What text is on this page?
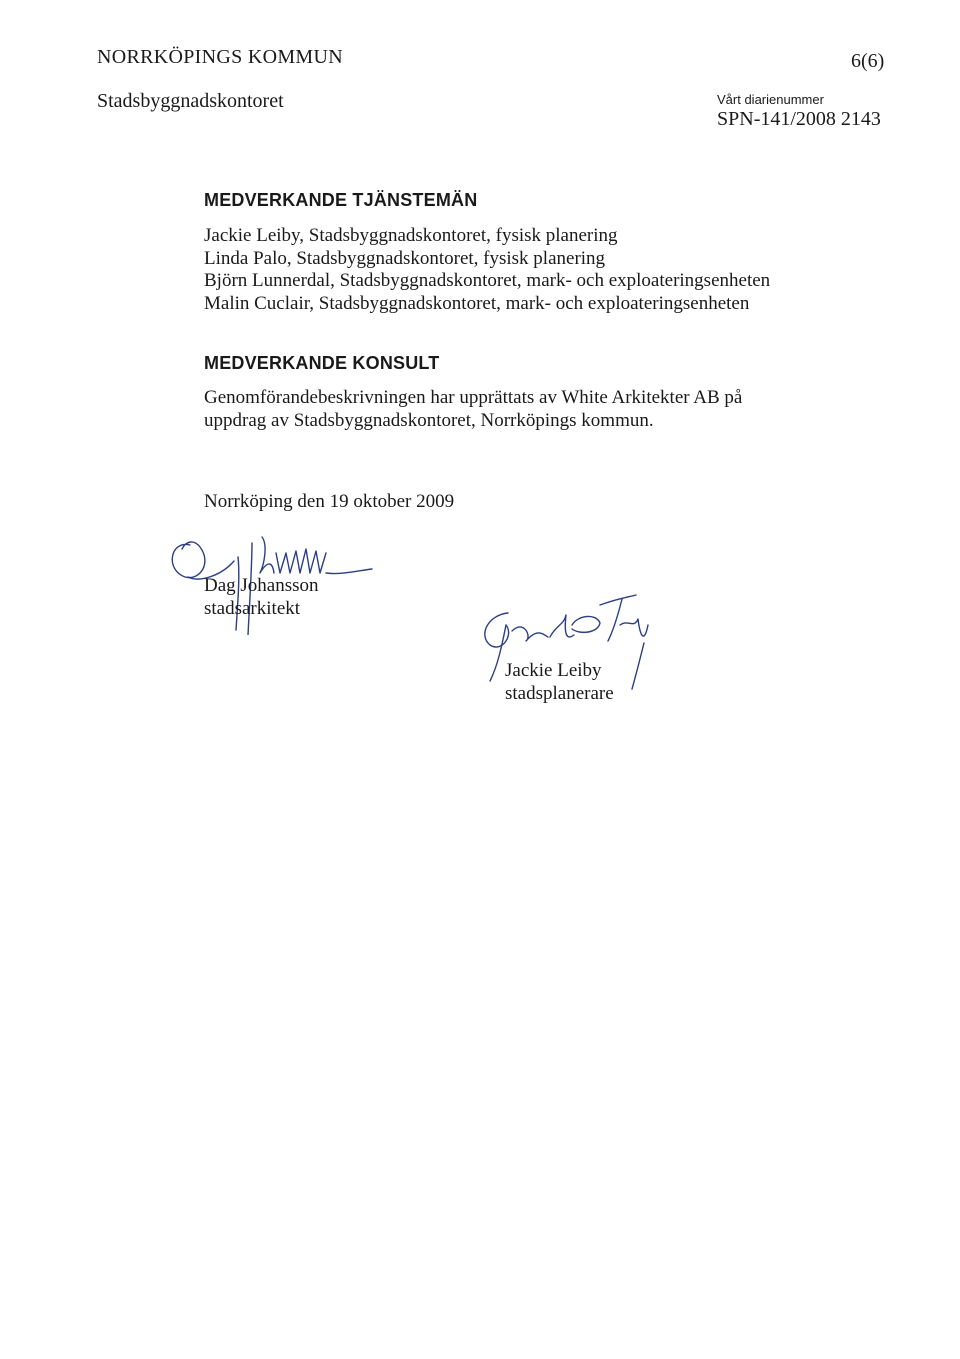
NORRKÖPINGS KOMMUN	6(6)
Stadsbyggnadskontoret	Vårt diarienummer
SPN-141/2008 2143
MEDVERKANDE TJÄNSTEMÄN
Jackie Leiby, Stadsbyggnadskontoret, fysisk planering
Linda Palo, Stadsbyggnadskontoret, fysisk planering
Björn Lunnerdal, Stadsbyggnadskontoret, mark- och exploateringsenheten
Malin Cuclair, Stadsbyggnadskontoret, mark- och exploateringsenheten
MEDVERKANDE KONSULT
Genomförandebeskrivningen har upprättats av White Arkitekter AB på
uppdrag av Stadsbyggnadskontoret, Norrköpings kommun.
Norrköping den 19 oktober 2009
Dag Johansson
stadsarkitekt
Jackie Leiby
stadsplanerare
